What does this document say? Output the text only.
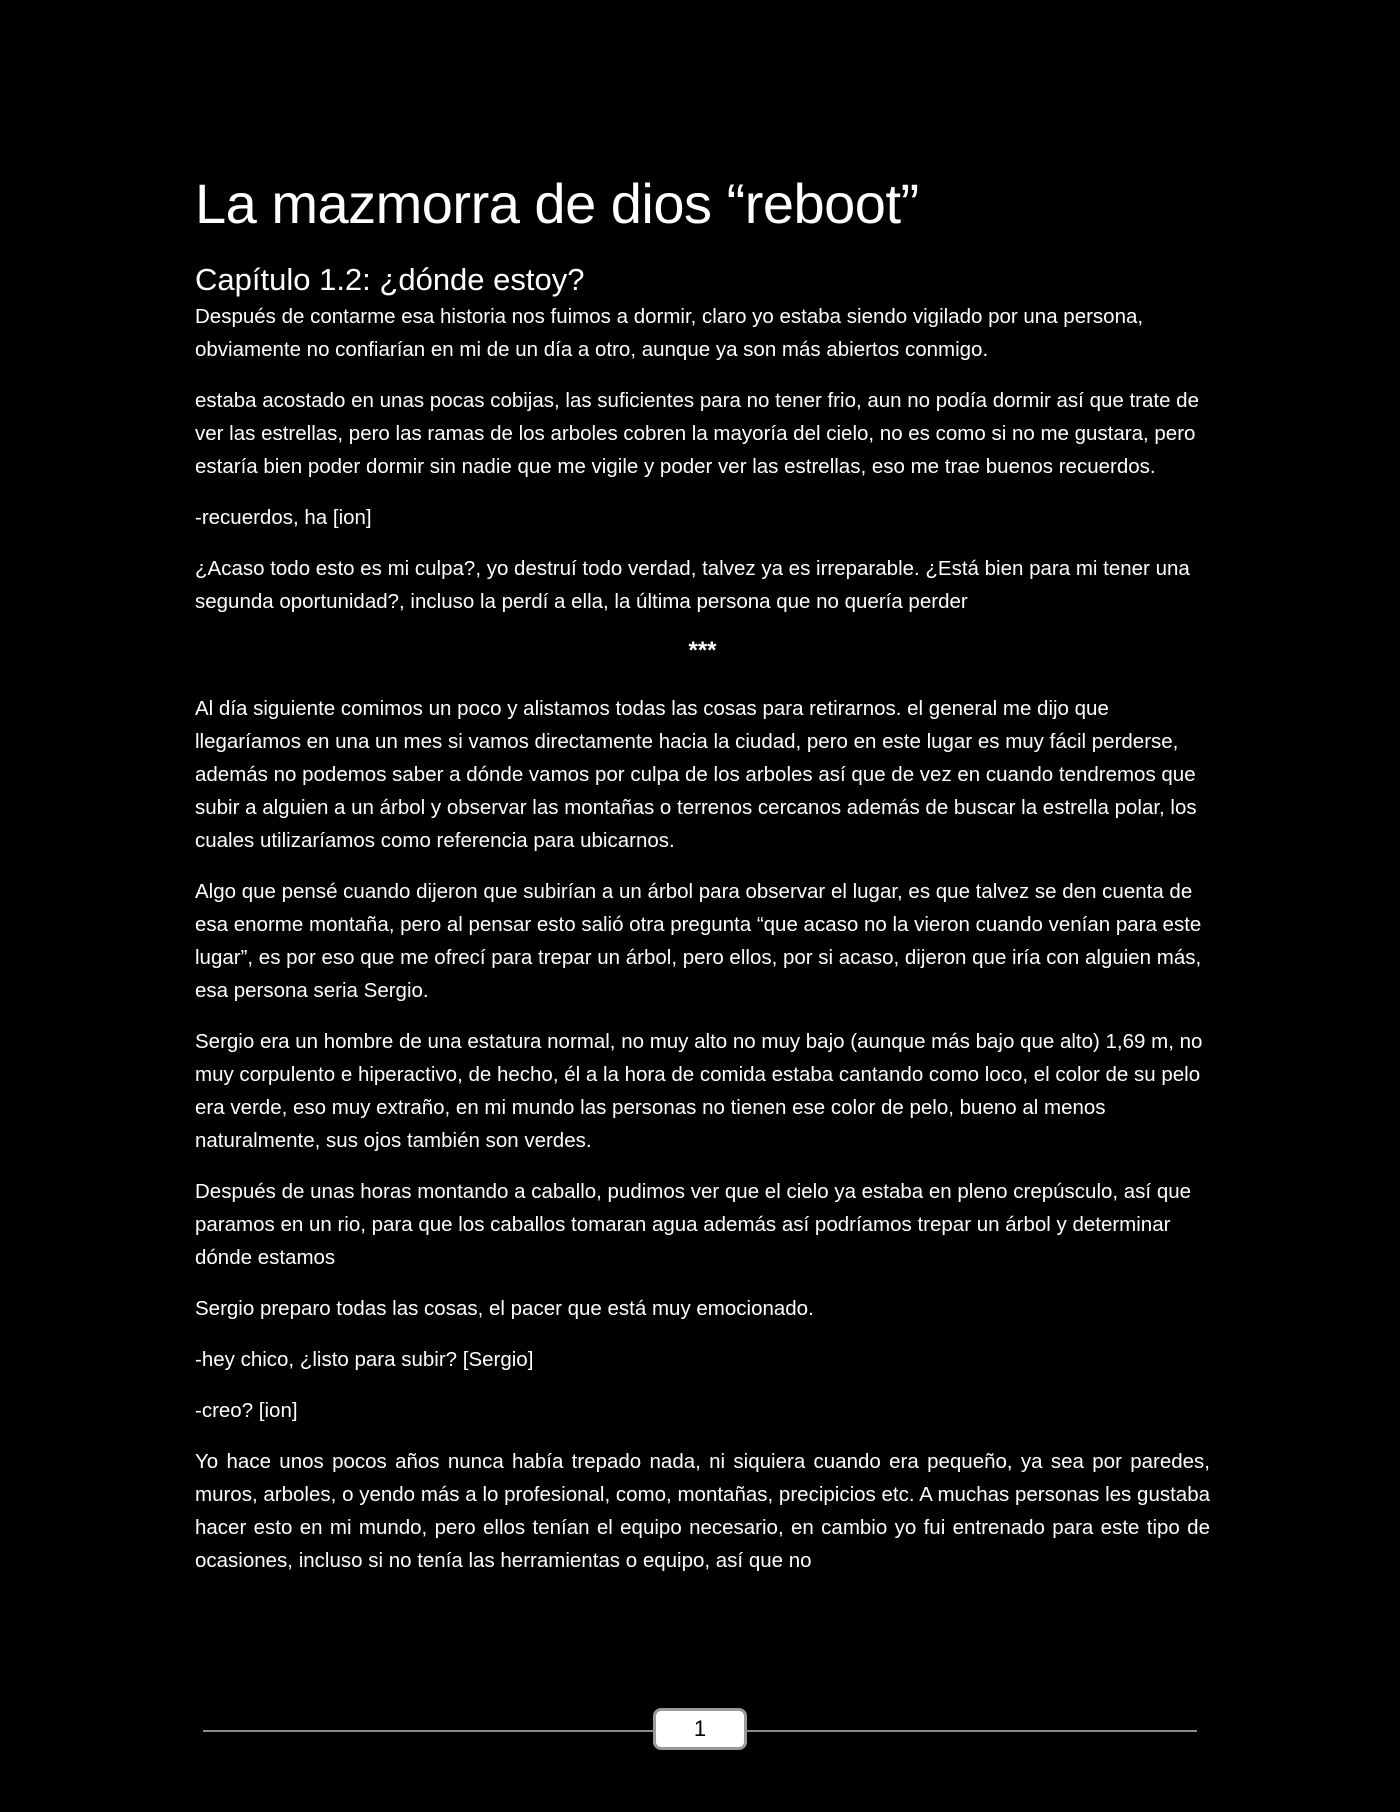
La mazmorra de dios “reboot”
Capítulo 1.2: ¿dónde estoy?

Después de contarme esa historia nos fuimos a dormir, claro yo estaba siendo vigilado por una persona, obviamente no confiarían en mi de un día a otro, aunque ya son más abiertos conmigo.

estaba acostado en unas pocas cobijas, las suficientes para no tener frio, aun no podía dormir así que trate de ver las estrellas, pero las ramas de los arboles cobren la mayoría del cielo, no es como si no me gustara, pero estaría bien poder dormir sin nadie que me vigile y poder ver las estrellas, eso me trae buenos recuerdos.

-recuerdos, ha [ion]

¿Acaso todo esto es mi culpa?, yo destruí todo verdad, talvez ya es irreparable. ¿Está bien para mi tener una segunda oportunidad?, incluso la perdí a ella, la última persona que no quería perder

***

Al día siguiente comimos un poco y alistamos todas las cosas para retirarnos. el general me dijo que llegaríamos en una un mes si vamos directamente hacia la ciudad, pero en este lugar es muy fácil perderse, además no podemos saber a dónde vamos por culpa de los arboles así que de vez en cuando tendremos que subir a alguien a un árbol y observar las montañas o terrenos cercanos además de buscar la estrella polar, los cuales utilizaríamos como referencia para ubicarnos.

Algo que pensé cuando dijeron que subirían a un árbol para observar el lugar, es que talvez se den cuenta de esa enorme montaña, pero al pensar esto salió otra pregunta “que acaso no la vieron cuando venían para este lugar”, es por eso que me ofrecí para trepar un árbol, pero ellos, por si acaso, dijeron que iría con alguien más, esa persona seria Sergio.

Sergio era un hombre de una estatura normal, no muy alto no muy bajo (aunque más bajo que alto) 1,69 m, no muy corpulento e hiperactivo, de hecho, él a la hora de comida estaba cantando como loco, el color de su pelo era verde, eso muy extraño, en mi mundo las personas no tienen ese color de pelo, bueno al menos naturalmente, sus ojos también son verdes.

Después de unas horas montando a caballo, pudimos ver que el cielo ya estaba en pleno crepúsculo, así que paramos en un rio, para que los caballos tomaran agua además así podríamos trepar un árbol y determinar dónde estamos

Sergio preparo todas las cosas, el pacer que está muy emocionado.

-hey chico, ¿listo para subir? [Sergio]

-creo? [ion]

Yo hace unos pocos años nunca había trepado nada, ni siquiera cuando era pequeño, ya sea por paredes, muros, arboles, o yendo más a lo profesional, como, montañas, precipicios etc. A muchas personas les gustaba hacer esto en mi mundo, pero ellos tenían el equipo necesario, en cambio yo fui entrenado para este tipo de ocasiones, incluso si no tenía las herramientas o equipo, así que no

1
